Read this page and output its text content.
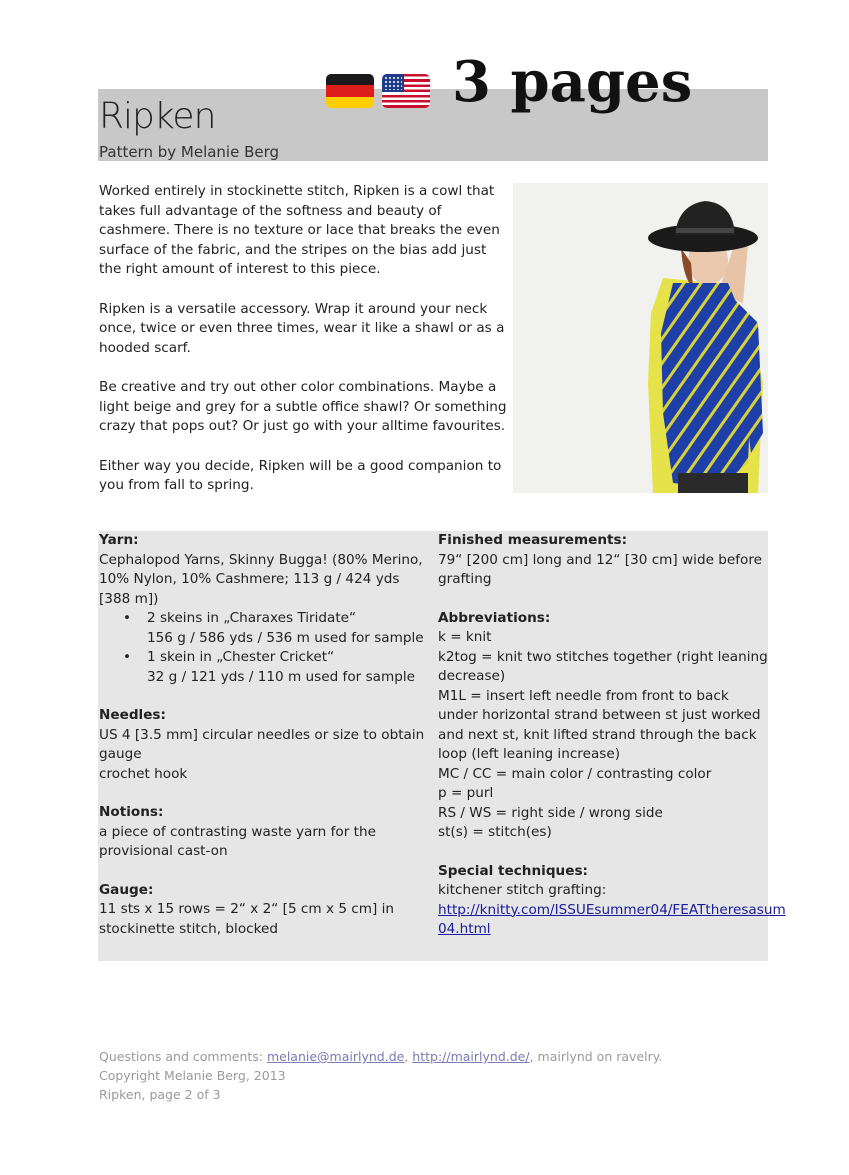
Ripken
Pattern by Melanie Berg
3 pages

Worked entirely in stockinette stitch, Ripken is a cowl that takes full advantage of the softness and beauty of cashmere. There is no texture or lace that breaks the even surface of the fabric, and the stripes on the bias add just the right amount of interest to this piece.

Ripken is a versatile accessory. Wrap it around your neck once, twice or even three times, wear it like a shawl or as a hooded scarf.

Be creative and try out other color combinations. Maybe a light beige and grey for a subtle office shawl? Or something crazy that pops out? Or just go with your alltime favourites.

Either way you decide, Ripken will be a good companion to you from fall to spring.

Yarn:

Cephalopod Yarns, Skinny Bugga! (80% Merino, 10% Nylon, 10% Cashmere; 113 g / 424 yds [388 m])

• 2 skeins in „Charaxes Tiridate“
156 g / 586 yds / 536 m used for sample
• 1 skein in „Chester Cricket“
32 g / 121 yds / 110 m used for sample

Needles:

US 4 [3.5 mm] circular needles or size to obtain gauge

crochet hook

Notions:

a piece of contrasting waste yarn for the provisional cast-on

Gauge:

11 sts x 15 rows = 2“ x 2“ [5 cm x 5 cm] in stockinette stitch, blocked

Finished measurements:

79“ [200 cm] long and 12“ [30 cm] wide before grafting

Abbreviations:

k = knit

k2tog = knit two stitches together (right leaning decrease)

M1L = insert left needle from front to back under horizontal strand between st just worked and next st, knit lifted strand through the back loop (left leaning increase)

MC / CC = main color / contrasting color

p = purl

RS / WS = right side / wrong side

st(s) = stitch(es)

Special techniques:

kitchener stitch grafting:

http://knitty.com/ISSUEsummer04/FEATtheresasum
04.html
Questions and comments: melanie@mairlynd.de, http://mairlynd.de/, mairlynd on ravelry.
Copyright Melanie Berg, 2013
Ripken, page 2 of 3
